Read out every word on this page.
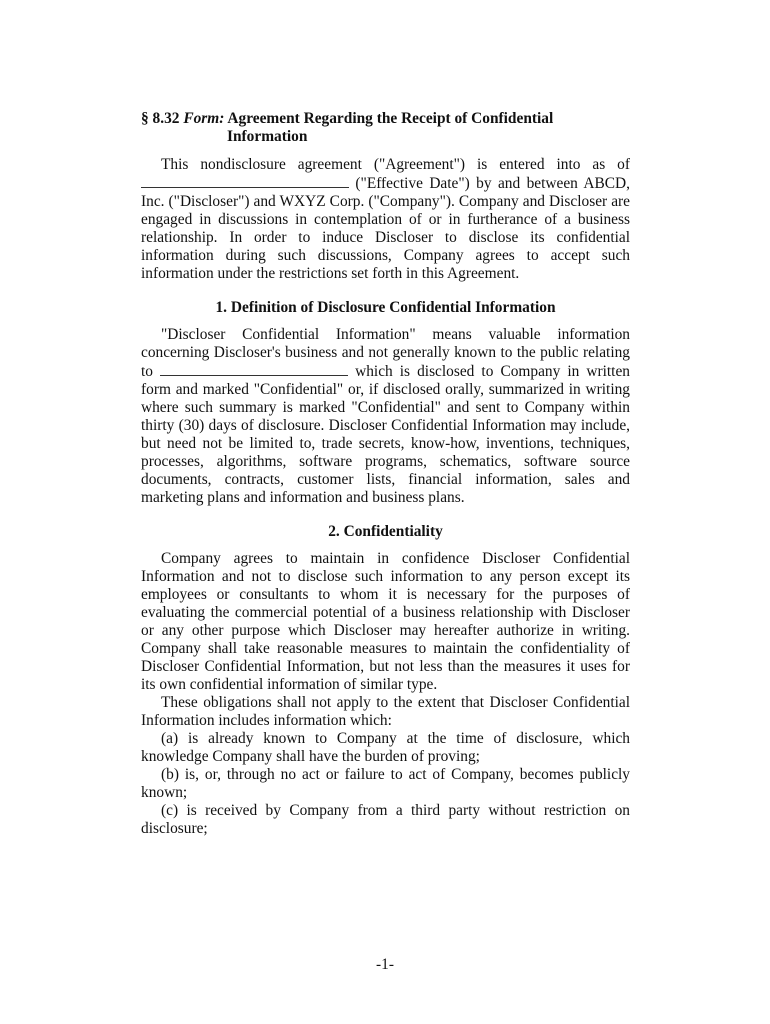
§ 8.32 Form: Agreement Regarding the Receipt of Confidential
Information

This nondisclosure agreement ("Agreement") is entered into as of  ("Effective Date") by and between ABCD, Inc. ("Discloser") and WXYZ Corp. ("Company"). Company and Discloser are engaged in discussions in contemplation of or in furtherance of a business relationship. In order to induce Discloser to disclose its confidential information during such discussions, Company agrees to accept such information under the restrictions set forth in this Agreement.

1. Definition of Disclosure Confidential Information

"Discloser Confidential Information" means valuable information concerning Discloser's business and not generally known to the public relating to	which is disclosed to Company in written form and marked "Confidential" or, if disclosed orally, summarized in writing where such summary is marked "Confidential" and sent to Company within thirty (30) days of disclosure. Discloser Confidential Information may include, but need not be limited to, trade secrets, know-how, inventions, techniques, processes, algorithms, software programs, schematics, software source documents, contracts, customer lists, financial information, sales and marketing plans and information and business plans.

2. Confidentiality

Company agrees to maintain in confidence Discloser Confidential Information and not to disclose such information to any person except its employees or consultants to whom it is necessary for the purposes of evaluating the commercial potential of a business relationship with Discloser or any other purpose which Discloser may hereafter authorize in writing. Company shall take reasonable measures to maintain the confidentiality of Discloser Confidential Information, but not less than the measures it uses for its own confidential information of similar type.

These obligations shall not apply to the extent that Discloser Confidential Information includes information which:

(a) is already known to Company at the time of disclosure, which knowledge Company shall have the burden of proving;

(b) is, or, through no act or failure to act of Company, becomes publicly known;

(c) is received by Company from a third party without restriction on disclosure;

-1-
